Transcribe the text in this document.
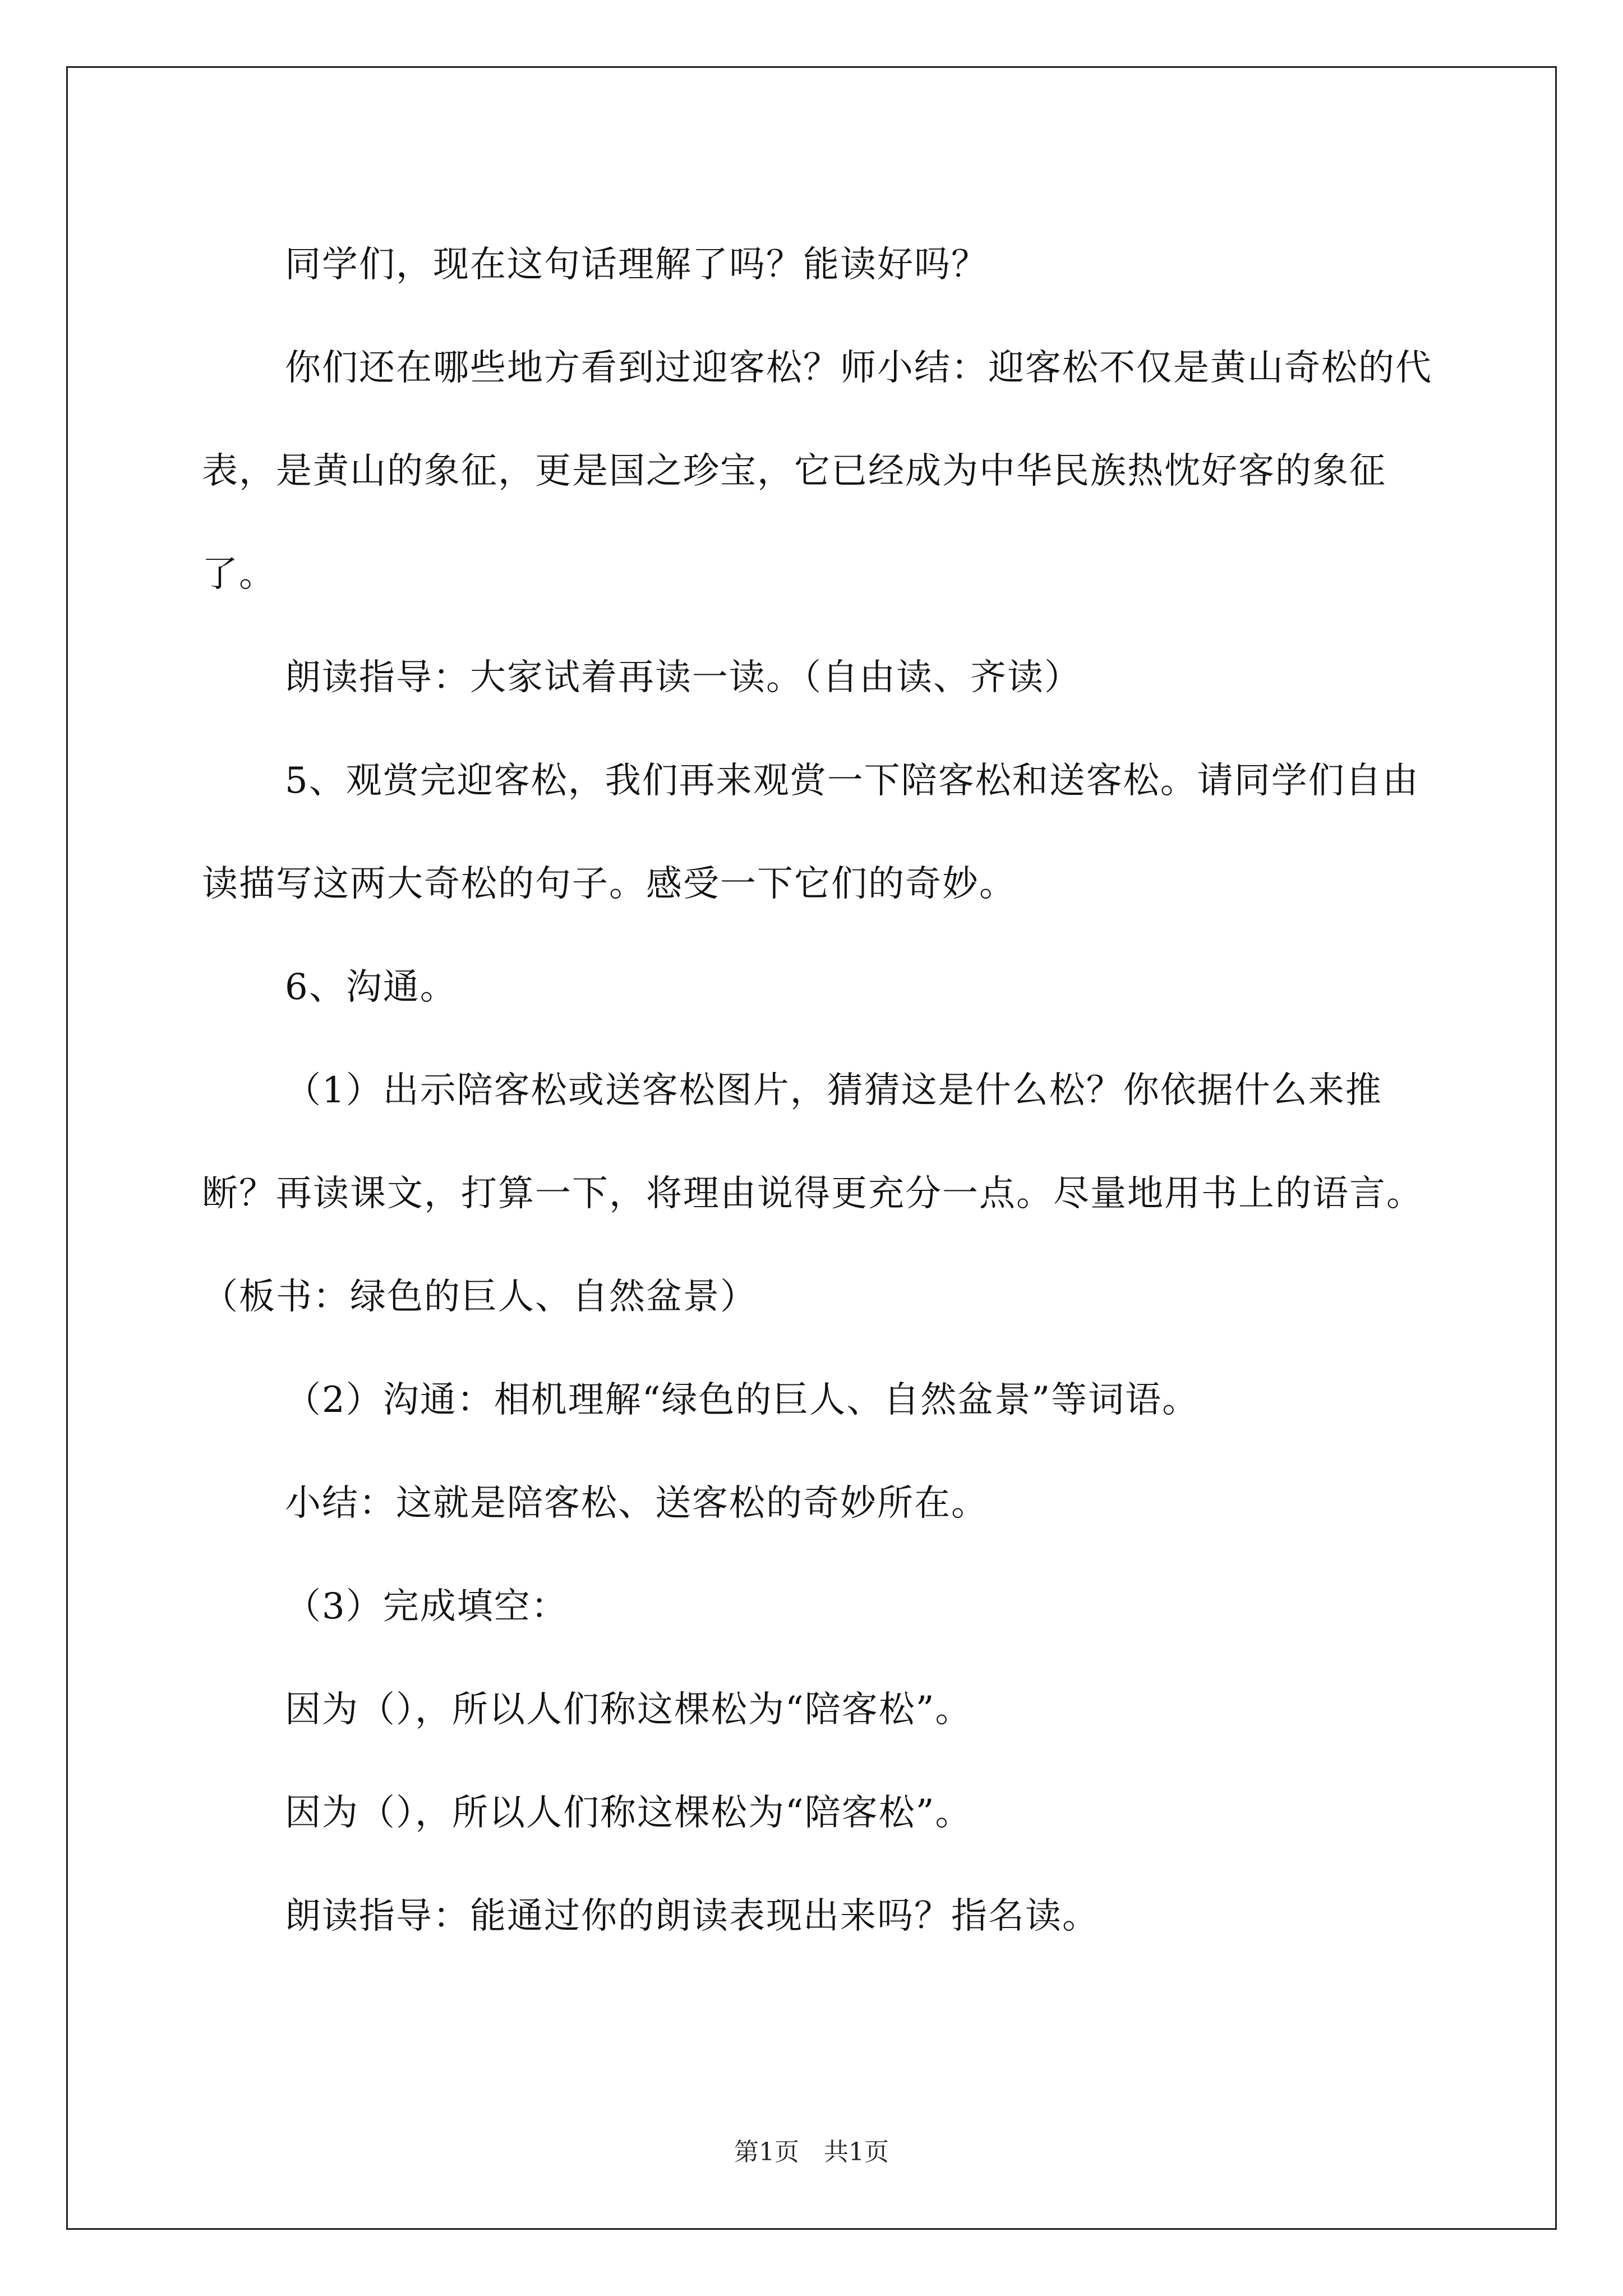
同学们，现在这句话理解了吗？能读好吗？

你们还在哪些地方看到过迎客松？师小结：迎客松不仅是黄山奇松的代表，是黄山的象征，更是国之珍宝，它已经成为中华民族热忱好客的象征了。

朗读指导：大家试着再读一读。（自由读、齐读）

5、观赏完迎客松，我们再来观赏一下陪客松和送客松。请同学们自由读描写这两大奇松的句子。感受一下它们的奇妙。

6、沟通。

（1）出示陪客松或送客松图片，猜猜这是什么松？你依据什么来推断？再读课文，打算一下，将理由说得更充分一点。尽量地用书上的语言。（板书：绿色的巨人、自然盆景）

（2）沟通：相机理解“绿色的巨人、自然盆景”等词语。

小结：这就是陪客松、送客松的奇妙所在。

（3）完成填空：

因为（），所以人们称这棵松为“陪客松”。

因为（），所以人们称这棵松为“陪客松”。

朗读指导：能通过你的朗读表现出来吗？指名读。

第1页　共1页
